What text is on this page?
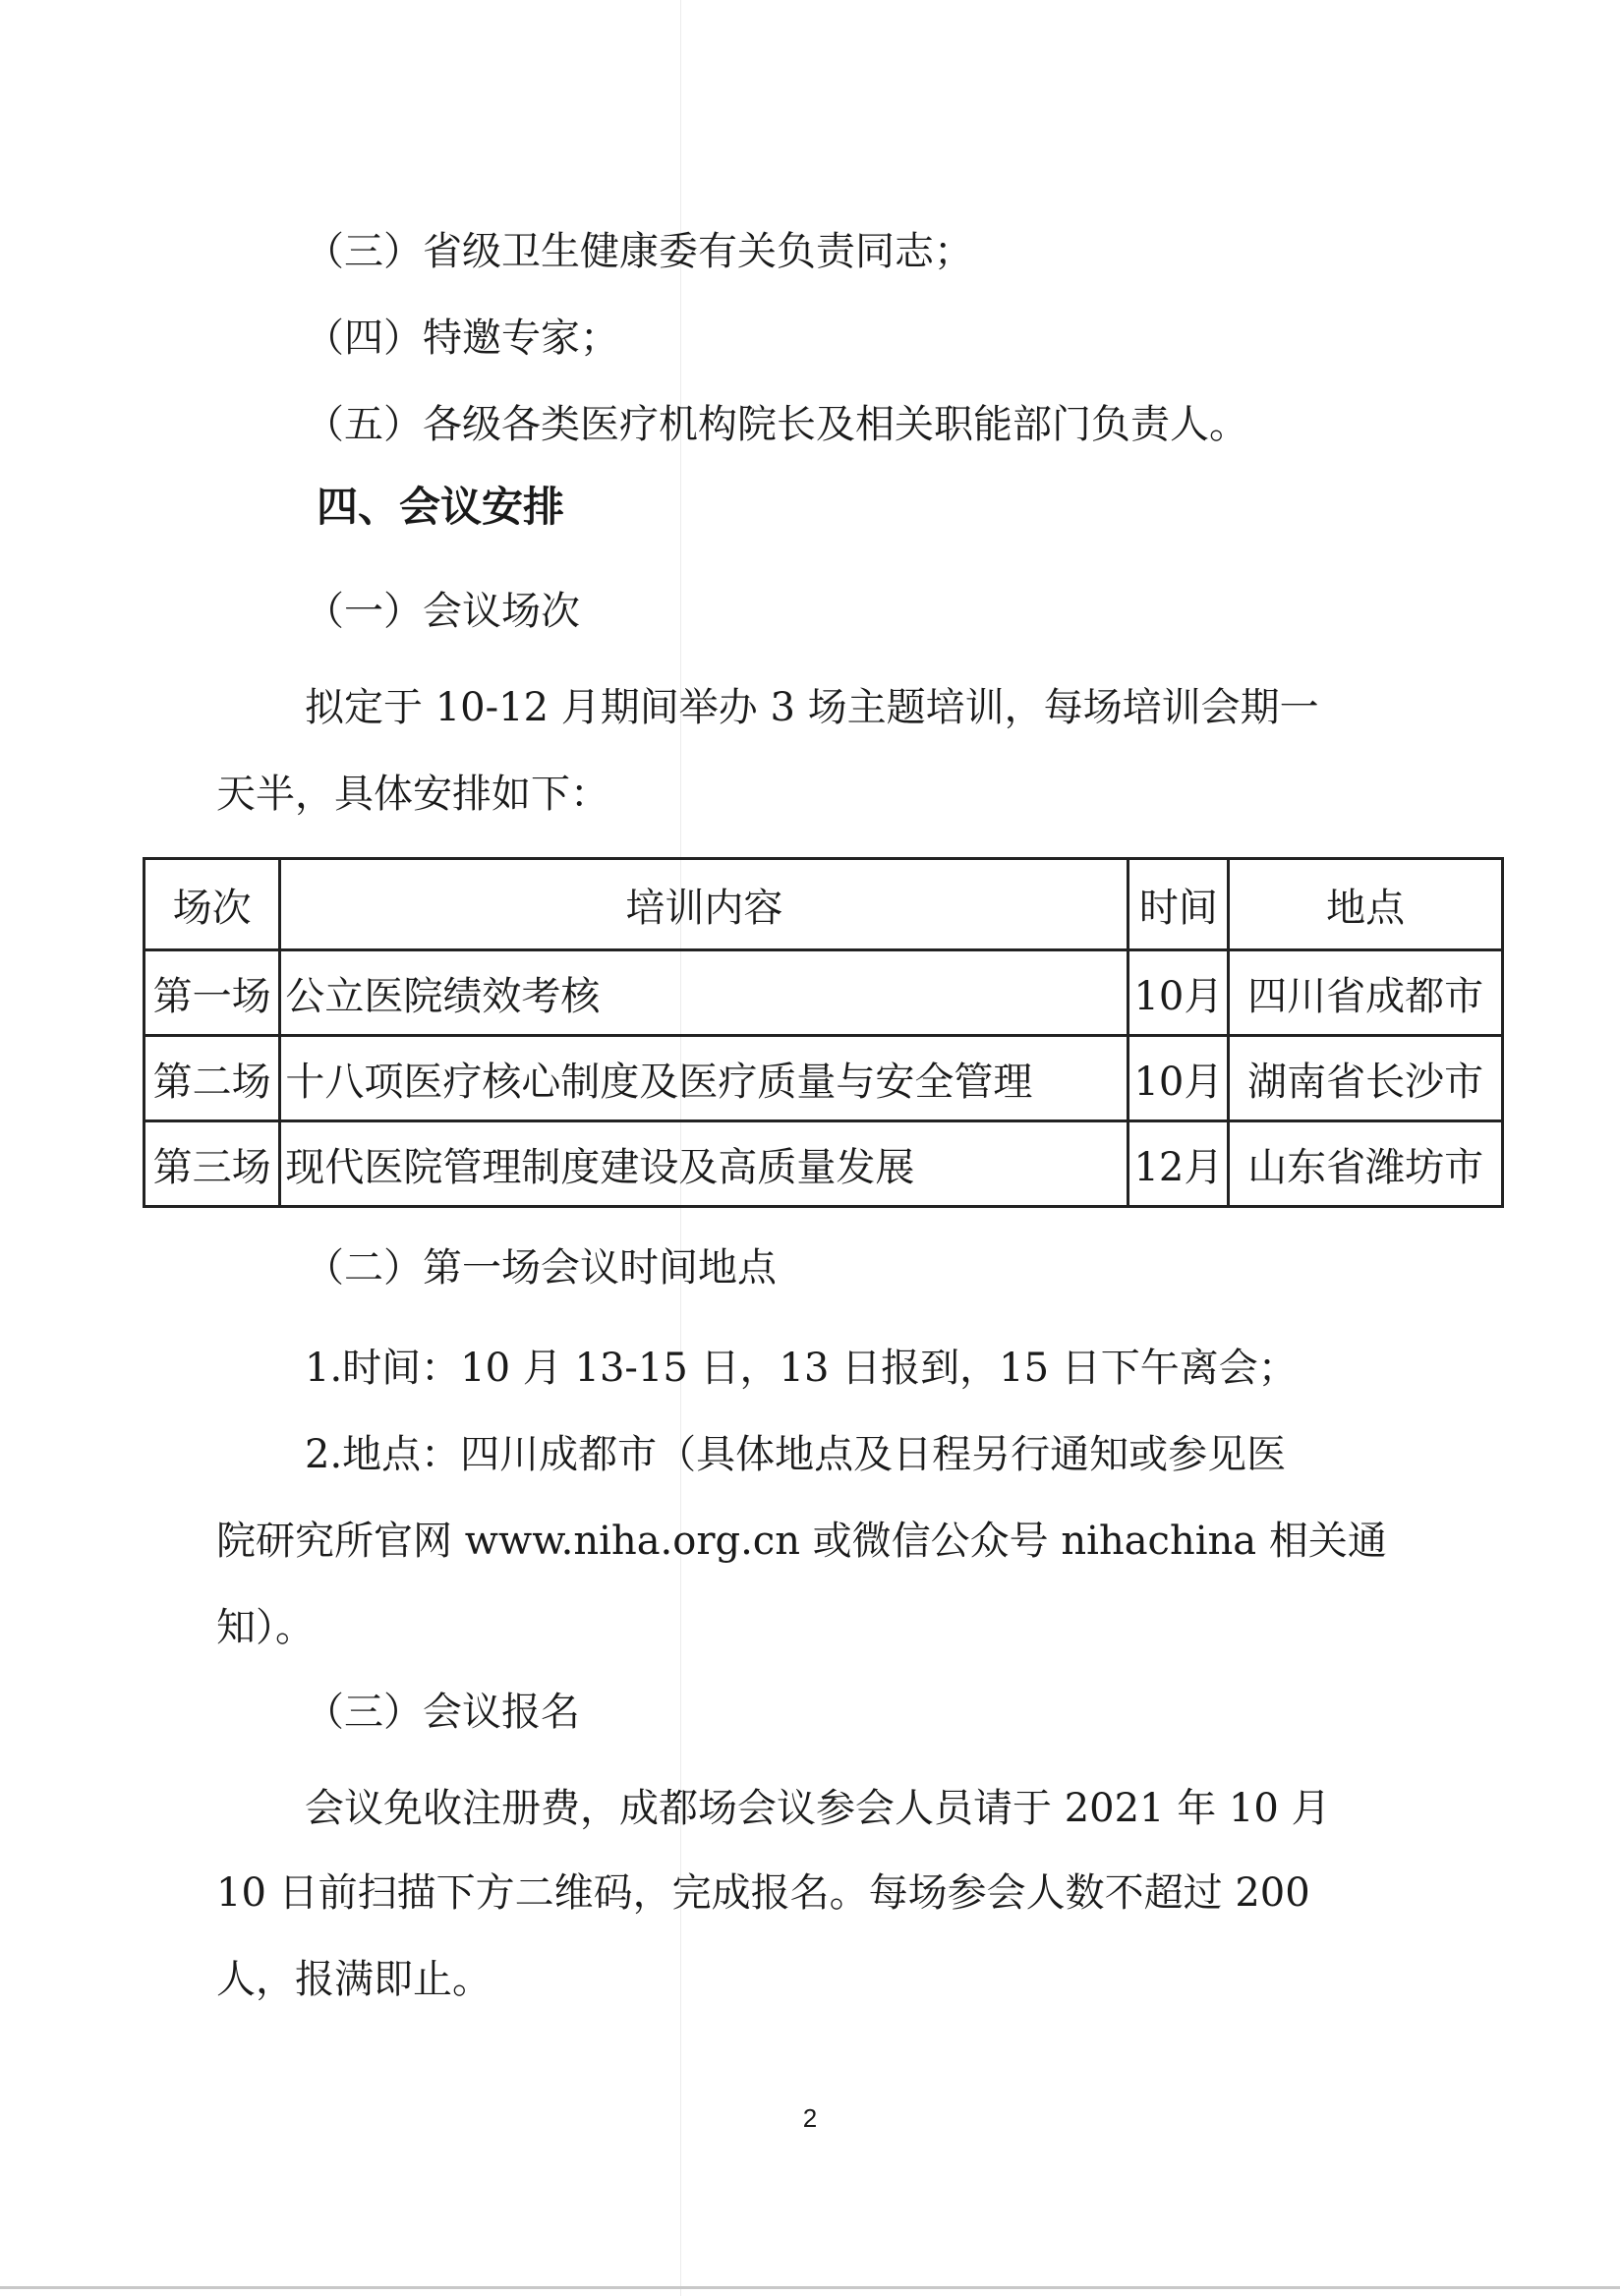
（三）省级卫生健康委有关负责同志；
（四）特邀专家；
（五）各级各类医疗机构院长及相关职能部门负责人。
四、会议安排
（一）会议场次
拟定于 10-12 月期间举办 3 场主题培训，每场培训会期一
天半，具体安排如下：
场次	培训内容	时间	地点
第一场	公立医院绩效考核	10月	四川省成都市
第二场	十八项医疗核心制度及医疗质量与安全管理	10月	湖南省长沙市
第三场	现代医院管理制度建设及高质量发展	12月	山东省潍坊市
（二）第一场会议时间地点
1.时间：10 月 13-15 日，13 日报到，15 日下午离会；
2.地点：四川成都市（具体地点及日程另行通知或参见医
院研究所官网 www.niha.org.cn 或微信公众号 nihachina 相关通
知）。
（三）会议报名
会议免收注册费，成都场会议参会人员请于 2021 年 10 月
10 日前扫描下方二维码，完成报名。每场参会人数不超过 200
人，报满即止。
2
